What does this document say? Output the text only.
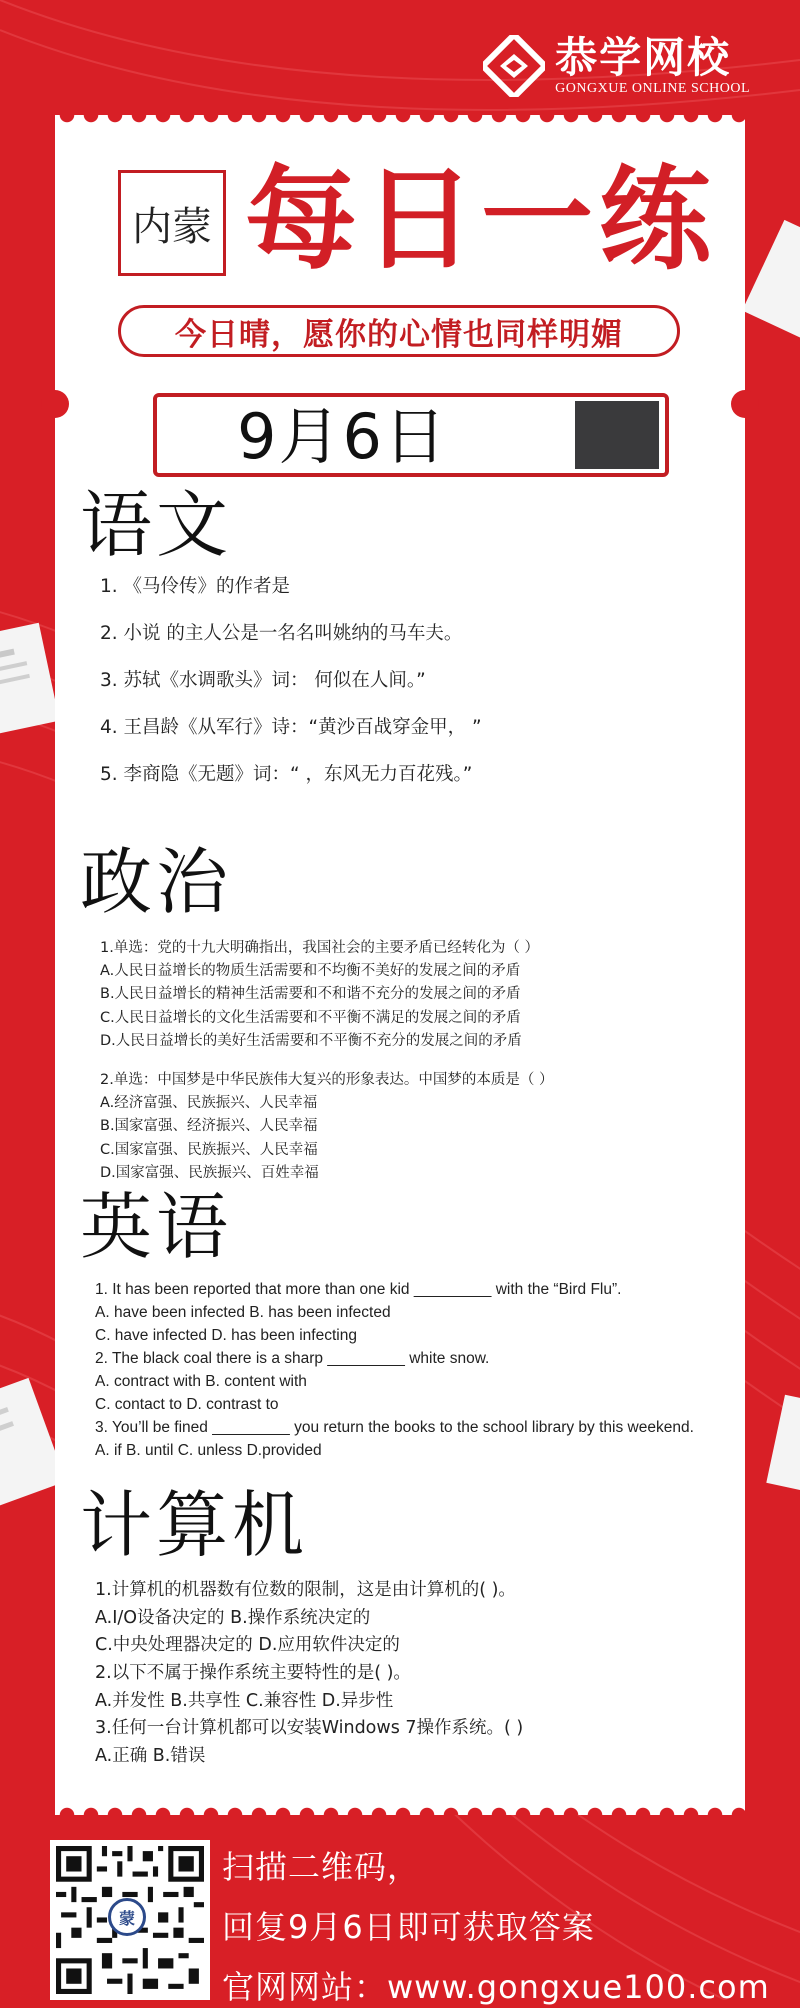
恭学网校
GONGXUE ONLINE SCHOOL
内蒙 每日一练
今日晴，愿你的心情也同样明媚
9月6日
语文
1. 《马伶传》的作者是
2. 小说 的主人公是一名名叫姚纳的马车夫。
3. 苏轼《水调歌头》词： 何似在人间。”
4. 王昌龄《从军行》诗：“黄沙百战穿金甲， ”
5. 李商隐《无题》词：“ ，东风无力百花残。”
政治
1.单选：党的十九大明确指出，我国社会的主要矛盾已经转化为（ ）
A.人民日益增长的物质生活需要和不均衡不美好的发展之间的矛盾
B.人民日益增长的精神生活需要和不和谐不充分的发展之间的矛盾
C.人民日益增长的文化生活需要和不平衡不满足的发展之间的矛盾
D.人民日益增长的美好生活需要和不平衡不充分的发展之间的矛盾
2.单选：中国梦是中华民族伟大复兴的形象表达。中国梦的本质是（ ）
A.经济富强、民族振兴、人民幸福
B.国家富强、经济振兴、人民幸福
C.国家富强、民族振兴、人民幸福
D.国家富强、民族振兴、百姓幸福
英语
1. It has been reported that more than one kid _________ with the “Bird Flu”.
A. have been infected B. has been infected
C. have infected D. has been infecting
2. The black coal there is a sharp _________ white snow.
A. contract with B. content with
C. contact to D. contrast to
3. You’ll be fined _________ you return the books to the school library by this weekend.
A. if B. until C. unless D.provided
计算机
1.计算机的机器数有位数的限制，这是由计算机的( )。
A.I/O设备决定的 B.操作系统决定的
C.中央处理器决定的 D.应用软件决定的
2.以下不属于操作系统主要特性的是( )。
A.并发性 B.共享性 C.兼容性 D.异步性
3.任何一台计算机都可以安装Windows 7操作系统。( )
A.正确 B.错误
蒙
扫描二维码，
回复9月6日即可获取答案
官网网站：www.gongxue100.com
